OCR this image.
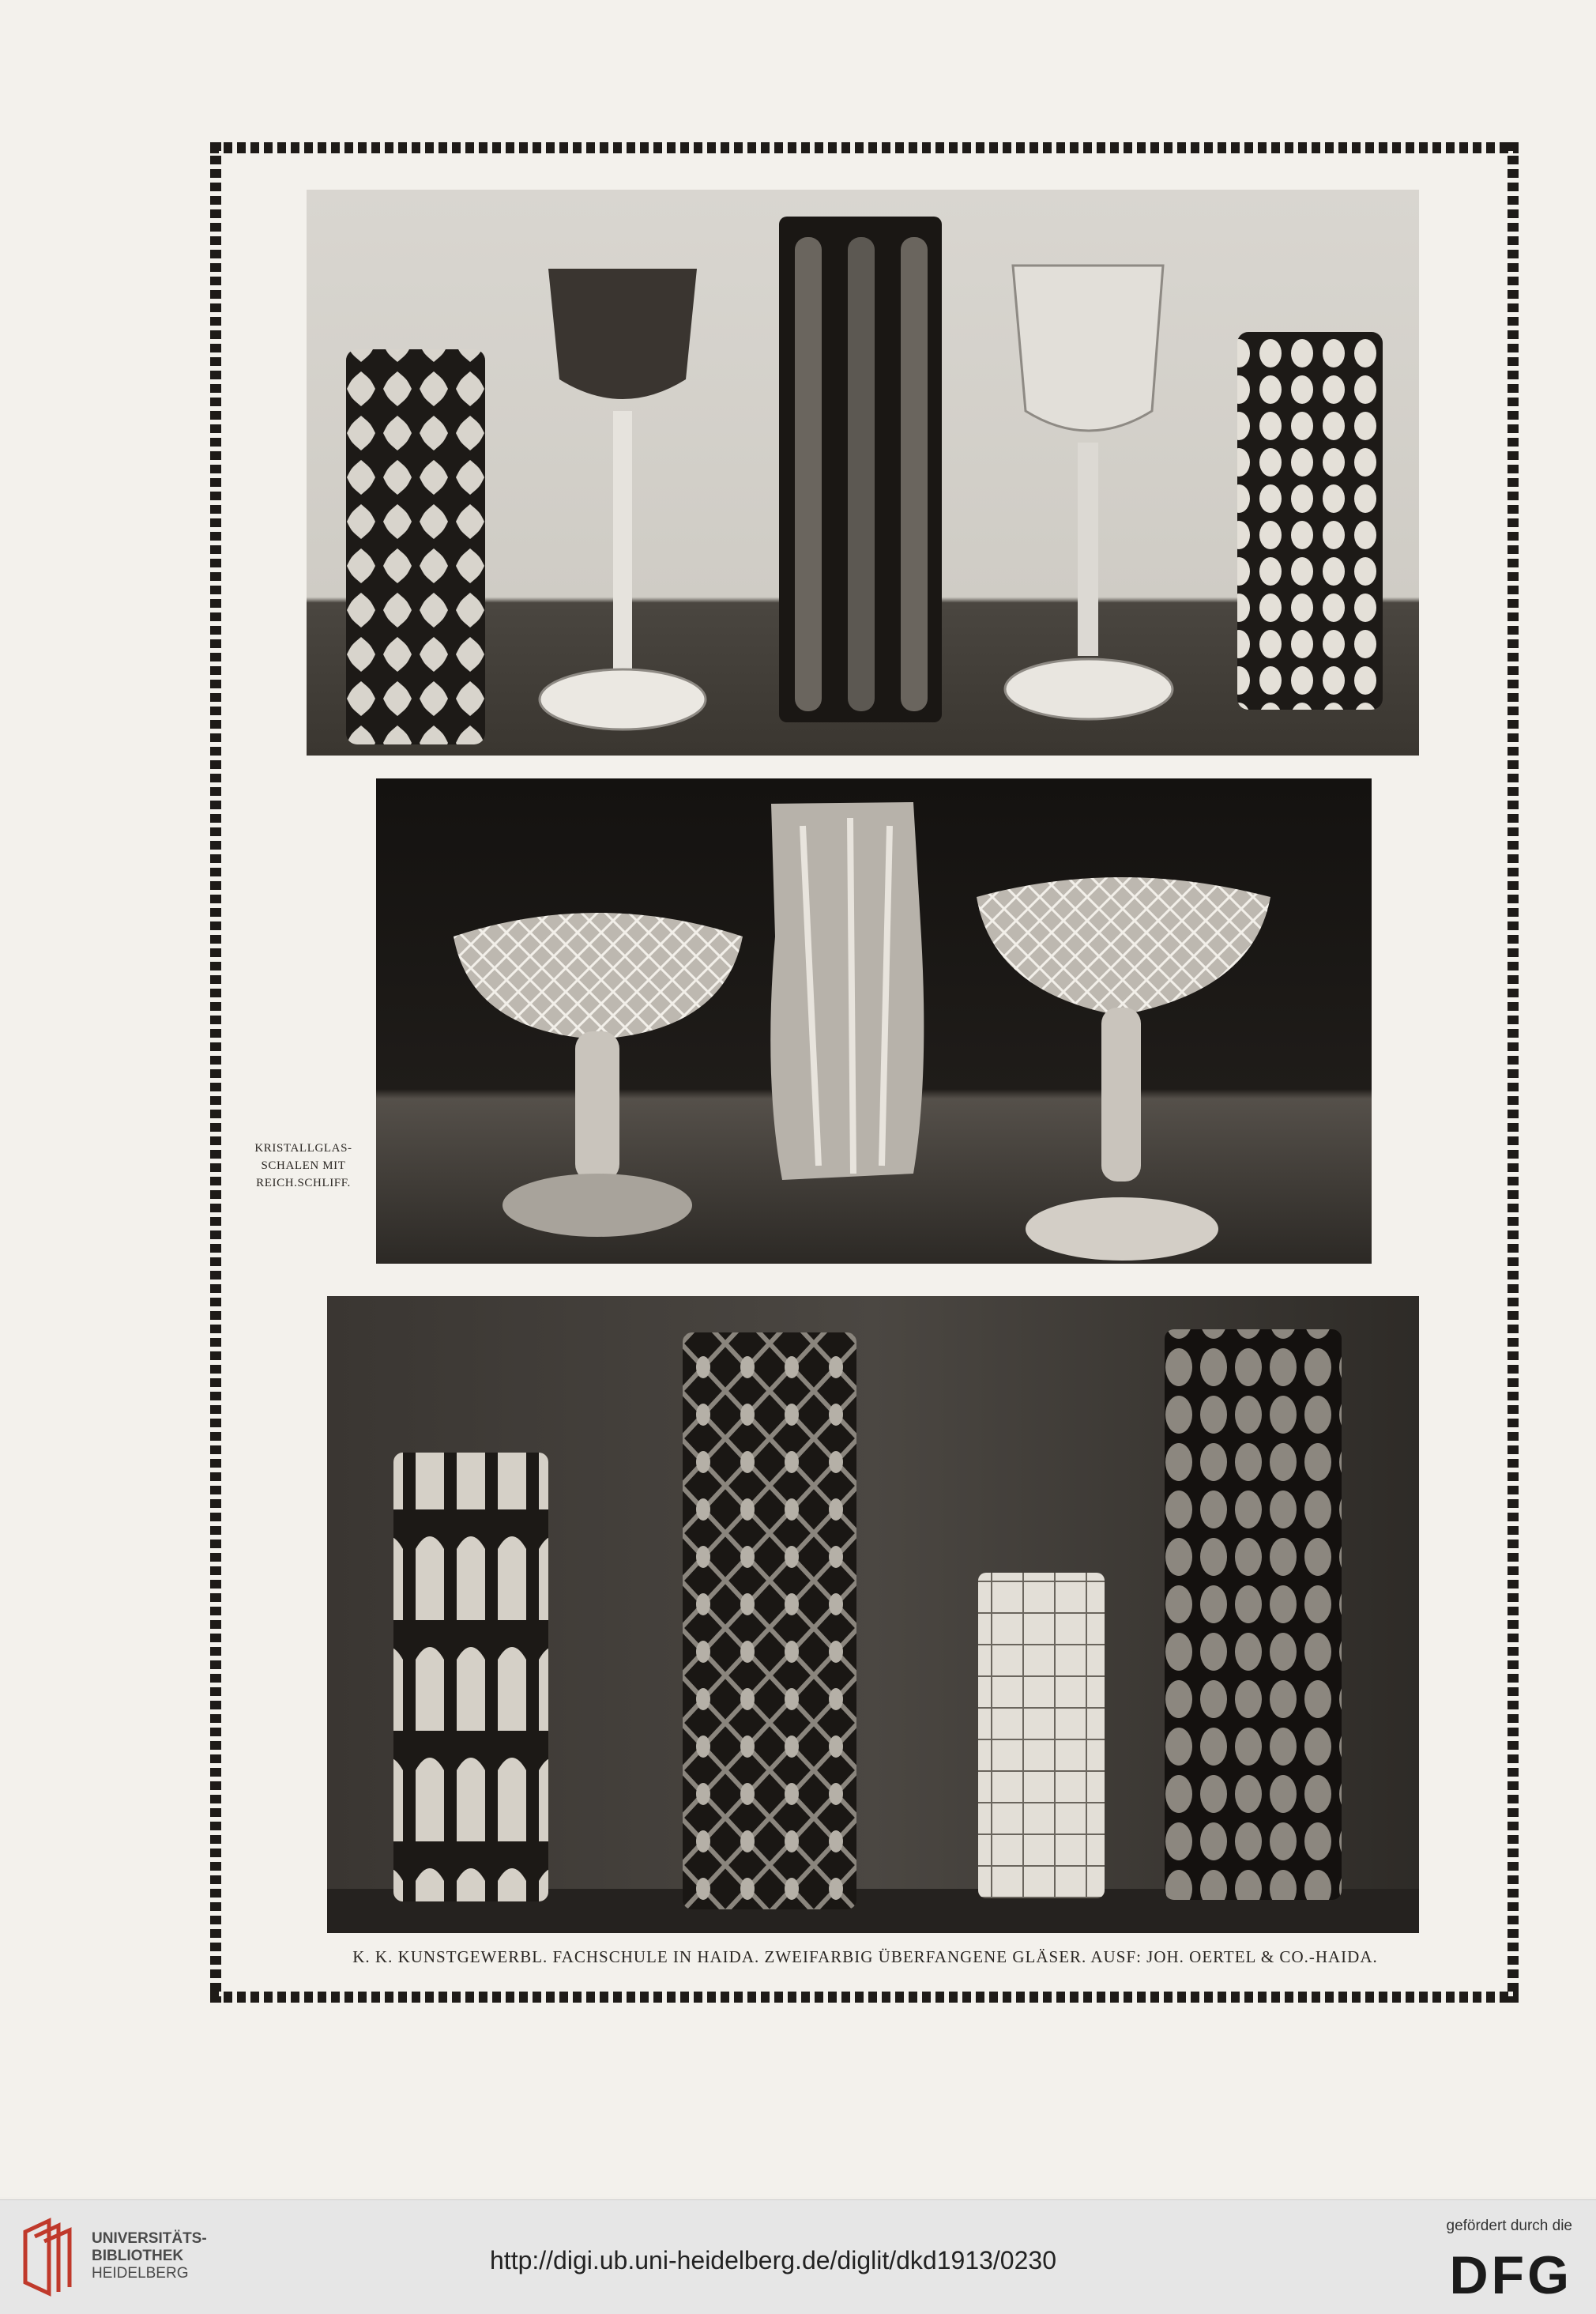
KRISTALLGLAS-
SCHALEN MIT
REICH.SCHLIFF.
K. K. KUNSTGEWERBL. FACHSCHULE IN HAIDA. ZWEIFARBIG ÜBERFANGENE GLÄSER. AUSF: JOH. OERTEL & CO.-HAIDA.
UNIVERSITÄTS-
BIBLIOTHEK
HEIDELBERG	http://digi.ub.uni-heidelberg.de/diglit/dkd1913/0230
gefördert durch die
DFG
